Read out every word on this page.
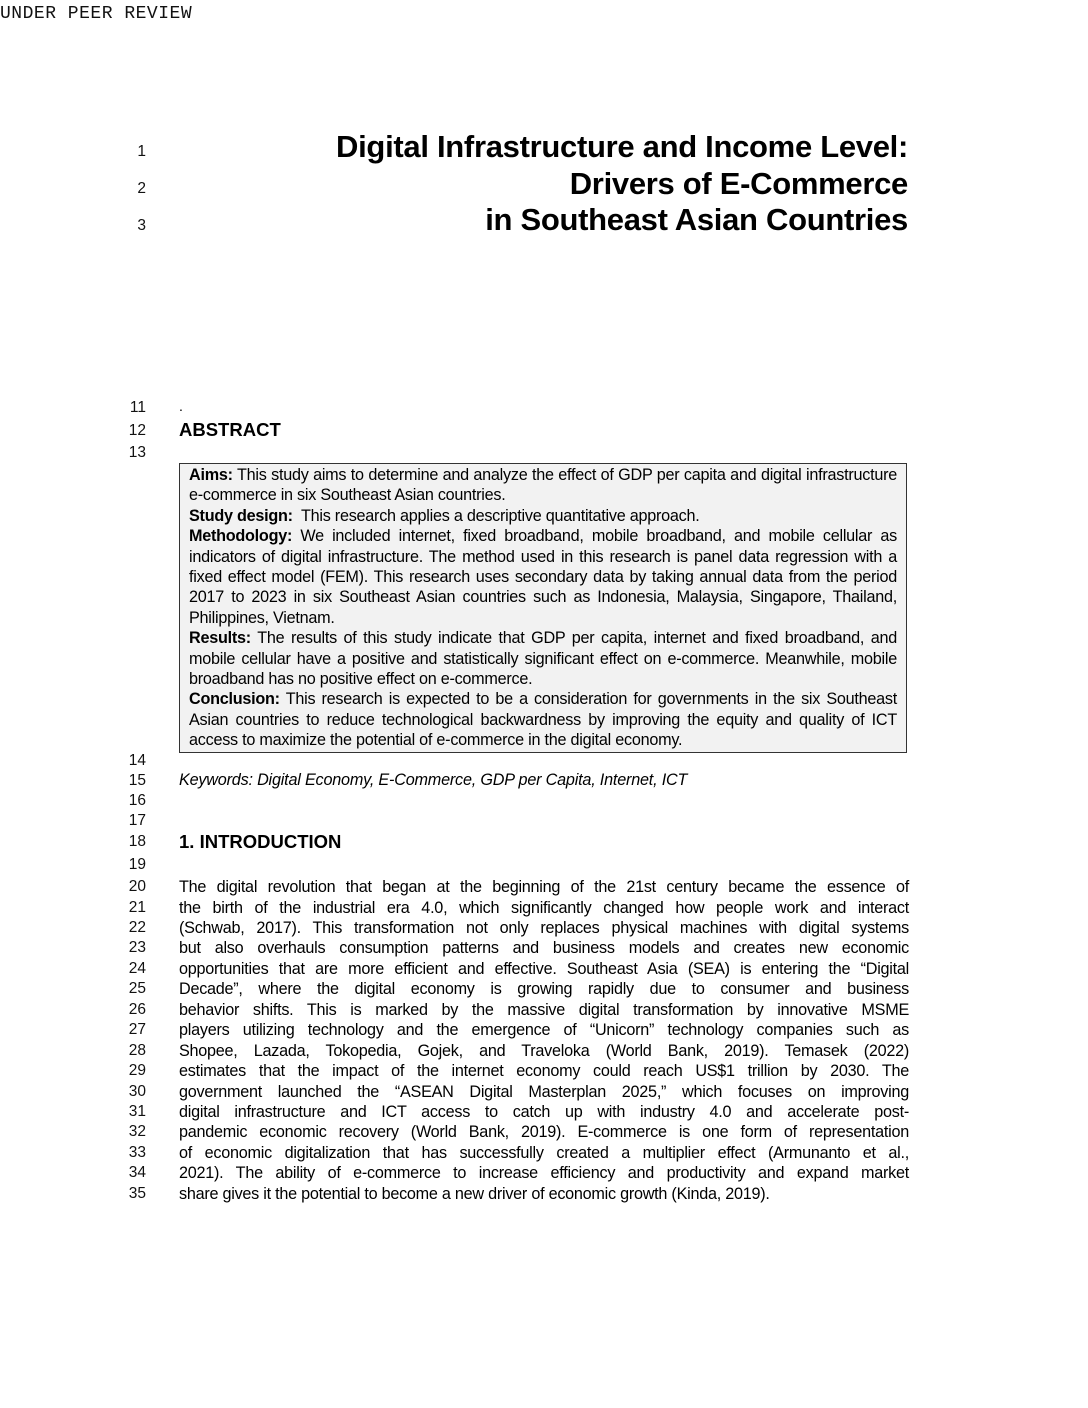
UNDER PEER REVIEW
1
2
3
Digital Infrastructure and Income Level:
Drivers of E-Commerce
in Southeast Asian Countries
11
12
13
.
ABSTRACT

Aims: This study aims to determine and analyze the effect of GDP per capita and digital infrastructure e-commerce in six Southeast Asian countries.

Study design:  This research applies a descriptive quantitative approach.

Methodology: We included internet, fixed broadband, mobile broadband, and mobile cellular as indicators of digital infrastructure. The method used in this research is panel data regression with a fixed effect model (FEM). This research uses secondary data by taking annual data from the period 2017 to 2023 in six Southeast Asian countries such as Indonesia, Malaysia, Singapore, Thailand, Philippines, Vietnam.

Results: The results of this study indicate that GDP per capita, internet and fixed broadband, and mobile cellular have a positive and statistically significant effect on e-commerce. Meanwhile, mobile broadband has no positive effect on e-commerce.

Conclusion: This research is expected to be a consideration for governments in the six Southeast Asian countries to reduce technological backwardness by improving the equity and quality of ICT access to maximize the potential of e-commerce in the digital economy.

14
15
16
17
18
19
Keywords: Digital Economy, E-Commerce, GDP per Capita, Internet, ICT
1. INTRODUCTION
20 The digital revolution that began at the beginning of the 21st century became the essence of
21 the birth of the industrial era 4.0, which significantly changed how people work and interact
22 (Schwab, 2017). This transformation not only replaces physical machines with digital systems
23 but also overhauls consumption patterns and business models and creates new economic
24 opportunities that are more efficient and effective. Southeast Asia (SEA) is entering the “Digital
25 Decade”, where the digital economy is growing rapidly due to consumer and business
26 behavior shifts. This is marked by the massive digital transformation by innovative MSME
27 players utilizing technology and the emergence of “Unicorn” technology companies such as
28 Shopee, Lazada, Tokopedia, Gojek, and Traveloka (World Bank, 2019). Temasek (2022)
29 estimates that the impact of the internet economy could reach US$1 trillion by 2030. The
30 government launched the “ASEAN Digital Masterplan 2025,” which focuses on improving
31 digital infrastructure and ICT access to catch up with industry 4.0 and accelerate post-
32 pandemic economic recovery (World Bank, 2019). E-commerce is one form of representation
33 of economic digitalization that has successfully created a multiplier effect (Armunanto et al.,
34 2021). The ability of e-commerce to increase efficiency and productivity and expand market
35 share gives it the potential to become a new driver of economic growth (Kinda, 2019).
